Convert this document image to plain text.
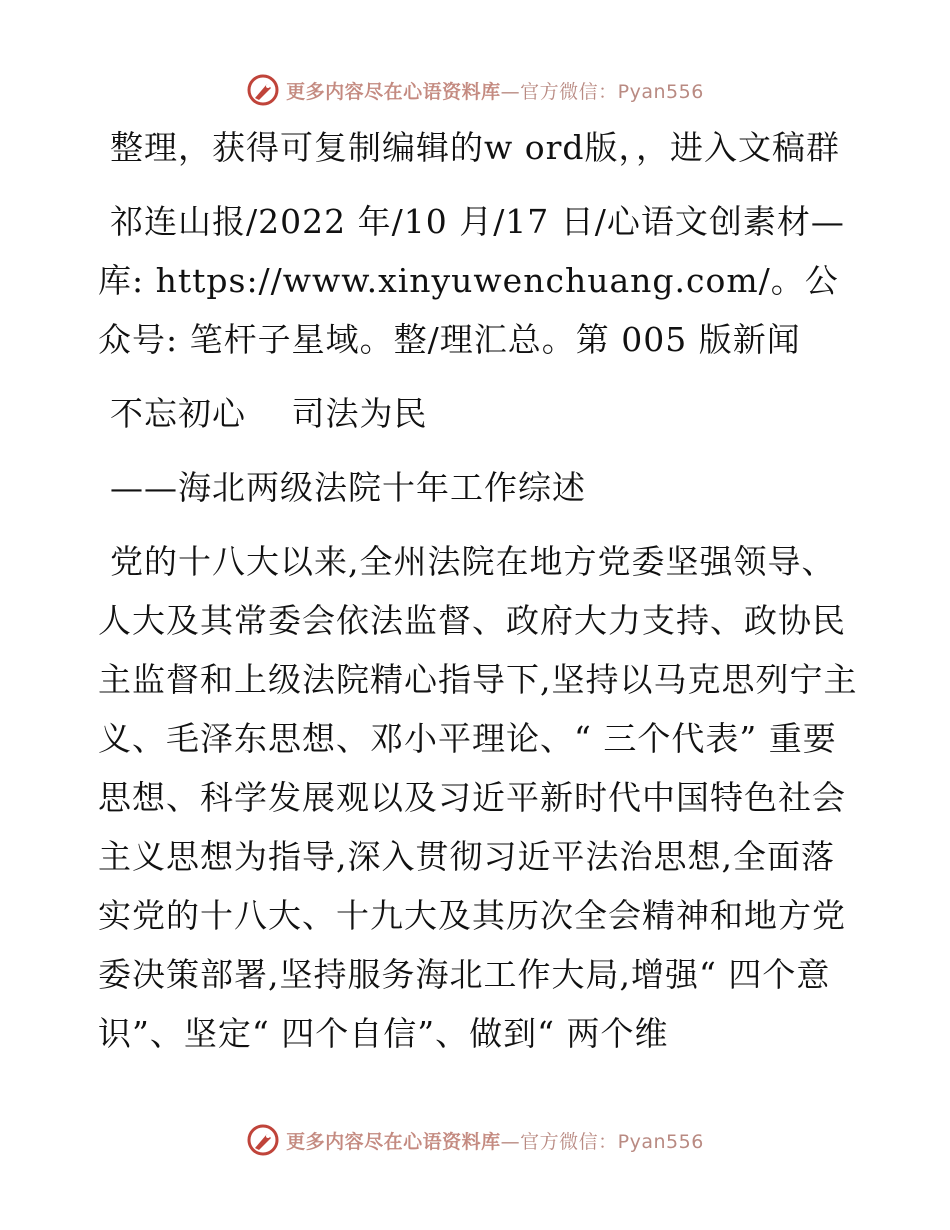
更多内容尽在心语资料库—官方微信：Pyan556

整理，获得可复制编辑的w ord版，，进入文稿群

祁连山报/2022 年/10 月/17 日/心语文创素材—库: https://www.xinyuwenchuang.com/。公众号: 笔杆子星域。整/理汇总。第 005 版新闻

不忘初心　 司法为民

——海北两级法院十年工作综述

党的十八大以来,全州法院在地方党委坚强领导、人大及其常委会依法监督、政府大力支持、政协民主监督和上级法院精心指导下,坚持以马克思列宁主义、毛泽东思想、邓小平理论、“ 三个代表” 重要思想、科学发展观以及习近平新时代中国特色社会主义思想为指导,深入贯彻习近平法治思想,全面落实党的十八大、十九大及其历次全会精神和地方党委决策部署,坚持服务海北工作大局,增强“ 四个意识”、坚定“ 四个自信”、做到“ 两个维

更多内容尽在心语资料库—官方微信：Pyan556
